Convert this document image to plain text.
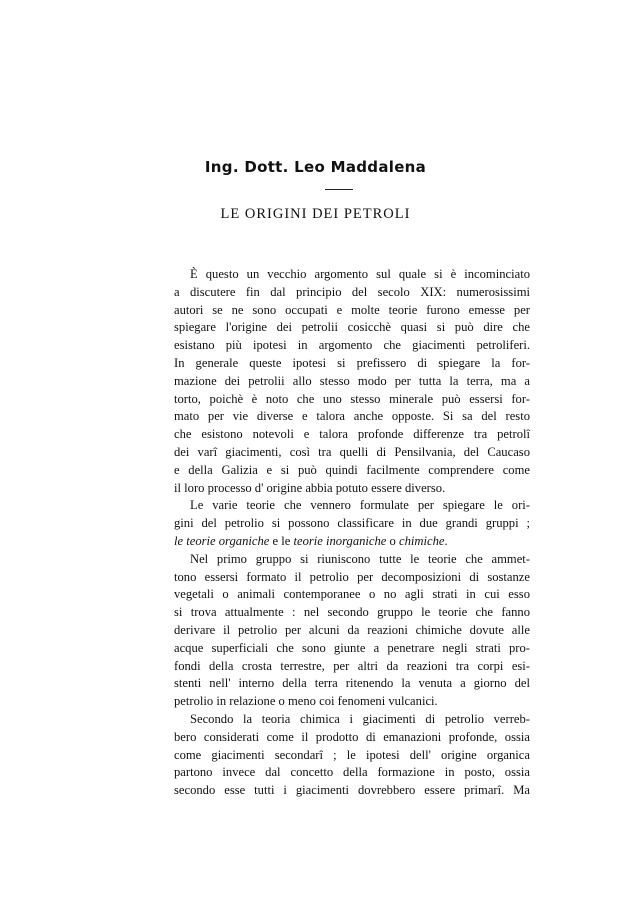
Ing. Dott. Leo Maddalena
LE ORIGINI DEI PETROLI

È questo un vecchio argomento sul quale si è incominciato
a discutere fin dal principio del secolo XIX: numerosissimi
autori se ne sono occupati e molte teorie furono emesse per
spiegare l'origine dei petrolii cosicchè quasi si può dire che
esistano più ipotesi in argomento che giacimenti petroliferi.
In generale queste ipotesi si prefissero di spiegare la for-
mazione dei petrolii allo stesso modo per tutta la terra, ma a
torto, poichè è noto che uno stesso minerale può essersi for-
mato per vie diverse e talora anche opposte. Si sa del resto
che esistono notevoli e talora profonde differenze tra petrolî
dei varî giacimenti, così tra quelli di Pensilvania, del Caucaso
e della Galizia e si può quindi facilmente comprendere come
il loro processo d' origine abbia potuto essere diverso.

Le varie teorie che vennero formulate per spiegare le ori-
gini del petrolio si possono classificare in due grandi gruppi ;
le teorie organiche e le teorie inorganiche o chimiche.

Nel primo gruppo si riuniscono tutte le teorie che ammet-
tono essersi formato il petrolio per decomposizioni di sostanze
vegetali o animali contemporanee o no agli strati in cui esso
si trova attualmente : nel secondo gruppo le teorie che fanno
derivare il petrolio per alcuni da reazioni chimiche dovute alle
acque superficiali che sono giunte a penetrare negli strati pro-
fondi della crosta terrestre, per altri da reazioni tra corpi esi-
stenti nell' interno della terra ritenendo la venuta a giorno del
petrolio in relazione o meno coi fenomeni vulcanici.

Secondo la teoria chimica i giacimenti di petrolio verreb-
bero considerati come il prodotto di emanazioni profonde, ossia
come giacimenti secondarî ; le ipotesi dell' origine organica
partono invece dal concetto della formazione in posto, ossia
secondo esse tutti i giacimenti dovrebbero essere primarî. Ma
